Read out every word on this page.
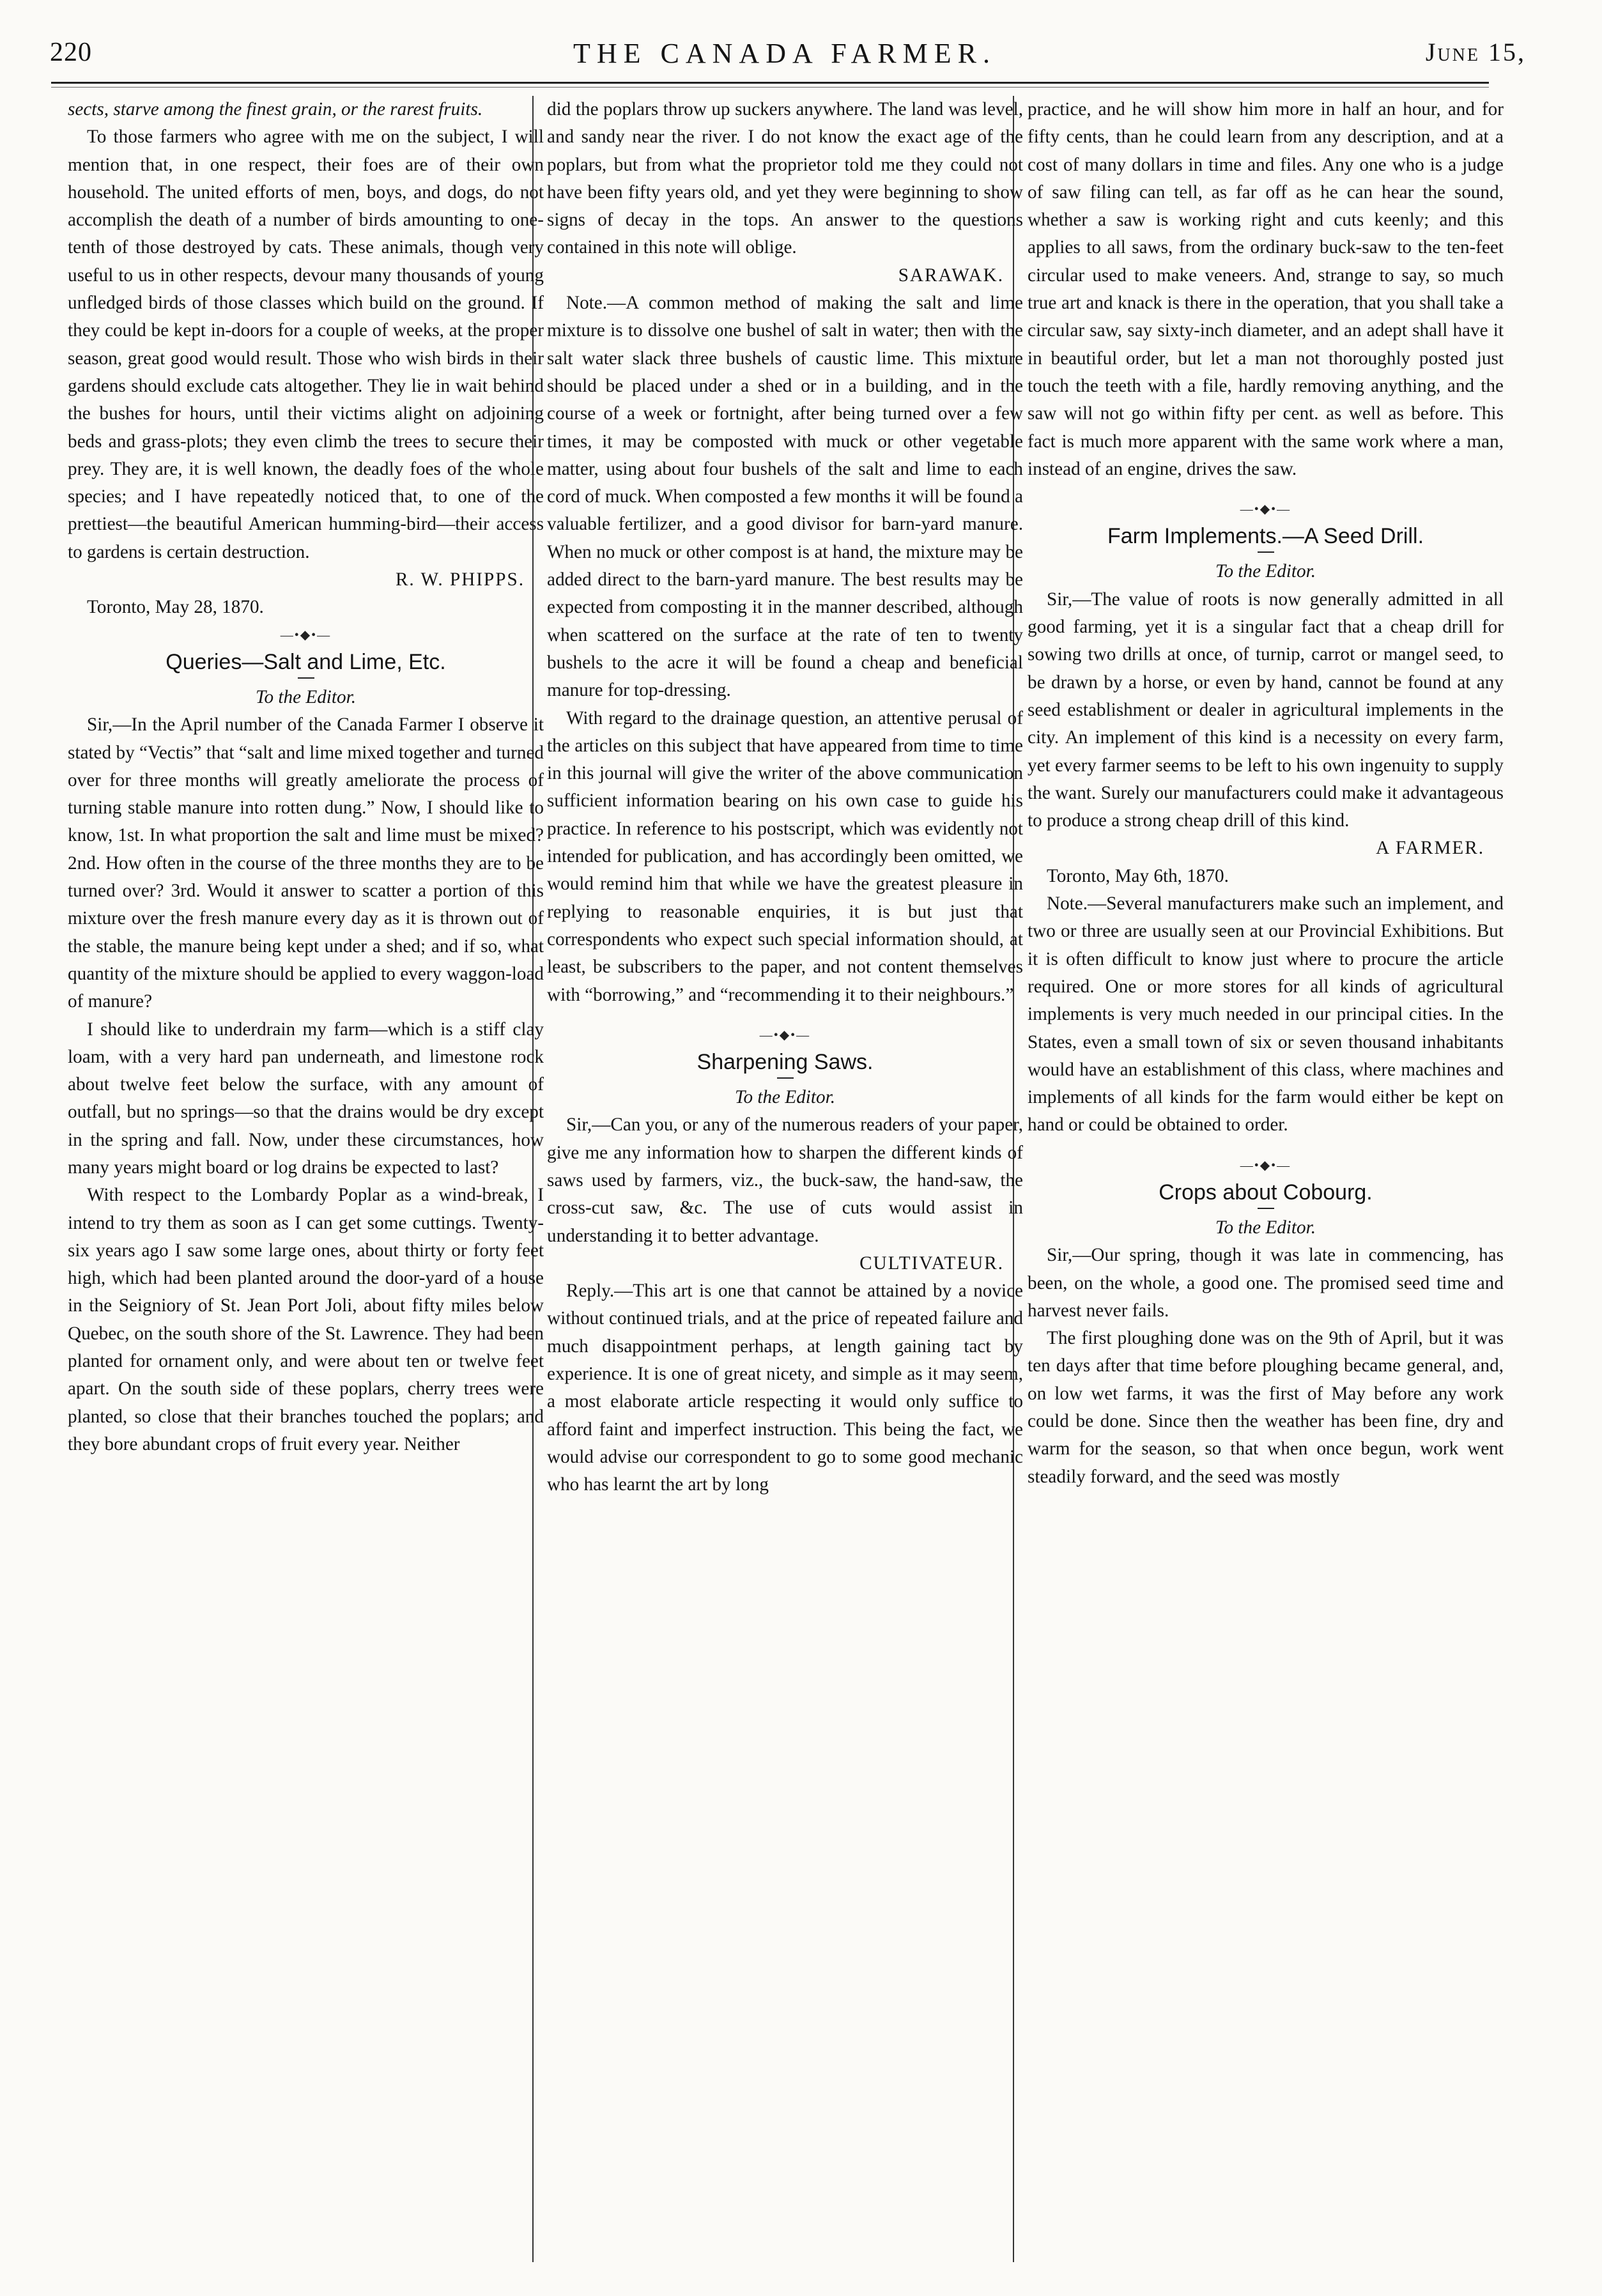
220	THE CANADA FARMER.	June 15,

sects, starve among the finest grain, or the rarest fruits.

To those farmers who agree with me on the subject, I will mention that, in one respect, their foes are of their own household. The united efforts of men, boys, and dogs, do not accomplish the death of a number of birds amounting to one-tenth of those destroyed by cats. These animals, though very useful to us in other respects, devour many thousands of young unfledged birds of those classes which build on the ground. If they could be kept in-doors for a couple of weeks, at the proper season, great good would result. Those who wish birds in their gardens should exclude cats altogether. They lie in wait behind the bushes for hours, until their victims alight on adjoining beds and grass-plots; they even climb the trees to secure their prey. They are, it is well known, the deadly foes of the whole species; and I have repeatedly noticed that, to one of the prettiest—the beautiful American humming-bird—their access to gardens is certain destruction.

R. W. PHIPPS.

Toronto, May 28, 1870.

—•◆•—
Queries—Salt and Lime, Etc.

To the Editor.

Sir,—In the April number of the Canada Farmer I observe it stated by “Vectis” that “salt and lime mixed together and turned over for three months will greatly ameliorate the process of turning stable manure into rotten dung.” Now, I should like to know, 1st. In what proportion the salt and lime must be mixed? 2nd. How often in the course of the three months they are to be turned over? 3rd. Would it answer to scatter a portion of this mixture over the fresh manure every day as it is thrown out of the stable, the manure being kept under a shed; and if so, what quantity of the mixture should be applied to every waggon-load of manure?

I should like to underdrain my farm—which is a stiff clay loam, with a very hard pan underneath, and limestone rock about twelve feet below the surface, with any amount of outfall, but no springs—so that the drains would be dry except in the spring and fall. Now, under these circumstances, how many years might board or log drains be expected to last?

With respect to the Lombardy Poplar as a wind-break, I intend to try them as soon as I can get some cuttings. Twenty-six years ago I saw some large ones, about thirty or forty feet high, which had been planted around the door-yard of a house in the Seigniory of St. Jean Port Joli, about fifty miles below Quebec, on the south shore of the St. Lawrence. They had been planted for ornament only, and were about ten or twelve feet apart. On the south side of these poplars, cherry trees were planted, so close that their branches touched the poplars; and they bore abundant crops of fruit every year. Neither

did the poplars throw up suckers anywhere. The land was level, and sandy near the river. I do not know the exact age of the poplars, but from what the proprietor told me they could not have been fifty years old, and yet they were beginning to show signs of decay in the tops. An answer to the questions contained in this note will oblige.

SARAWAK.

Note.—A common method of making the salt and lime mixture is to dissolve one bushel of salt in water; then with the salt water slack three bushels of caustic lime. This mixture should be placed under a shed or in a building, and in the course of a week or fortnight, after being turned over a few times, it may be composted with muck or other vegetable matter, using about four bushels of the salt and lime to each cord of muck. When composted a few months it will be found a valuable fertilizer, and a good divisor for barn-yard manure. When no muck or other compost is at hand, the mixture may be added direct to the barn-yard manure. The best results may be expected from composting it in the manner described, although when scattered on the surface at the rate of ten to twenty bushels to the acre it will be found a cheap and beneficial manure for top-dressing.

With regard to the drainage question, an attentive perusal of the articles on this subject that have appeared from time to time in this journal will give the writer of the above communication sufficient information bearing on his own case to guide his practice. In reference to his postscript, which was evidently not intended for publication, and has accordingly been omitted, we would remind him that while we have the greatest pleasure in replying to reasonable enquiries, it is but just that correspondents who expect such special information should, at least, be subscribers to the paper, and not content themselves with “borrowing,” and “recommending it to their neighbours.”

—•◆•—
Sharpening Saws.

To the Editor.

Sir,—Can you, or any of the numerous readers of your paper, give me any information how to sharpen the different kinds of saws used by farmers, viz., the buck-saw, the hand-saw, the cross-cut saw, &c. The use of cuts would assist in understanding it to better advantage.

CULTIVATEUR.

Reply.—This art is one that cannot be attained by a novice without continued trials, and at the price of repeated failure and much disappointment perhaps, at length gaining tact by experience. It is one of great nicety, and simple as it may seem, a most elaborate article respecting it would only suffice to afford faint and imperfect instruction. This being the fact, we would advise our correspondent to go to some good mechanic who has learnt the art by long

practice, and he will show him more in half an hour, and for fifty cents, than he could learn from any description, and at a cost of many dollars in time and files. Any one who is a judge of saw filing can tell, as far off as he can hear the sound, whether a saw is working right and cuts keenly; and this applies to all saws, from the ordinary buck-saw to the ten-feet circular used to make veneers. And, strange to say, so much true art and knack is there in the operation, that you shall take a circular saw, say sixty-inch diameter, and an adept shall have it in beautiful order, but let a man not thoroughly posted just touch the teeth with a file, hardly removing anything, and the saw will not go within fifty per cent. as well as before. This fact is much more apparent with the same work where a man, instead of an engine, drives the saw.

—•◆•—
Farm Implements.—A Seed Drill.

To the Editor.

Sir,—The value of roots is now generally admitted in all good farming, yet it is a singular fact that a cheap drill for sowing two drills at once, of turnip, carrot or mangel seed, to be drawn by a horse, or even by hand, cannot be found at any seed establishment or dealer in agricultural implements in the city. An implement of this kind is a necessity on every farm, yet every farmer seems to be left to his own ingenuity to supply the want. Surely our manufacturers could make it advantageous to produce a strong cheap drill of this kind.

A FARMER.

Toronto, May 6th, 1870.

Note.—Several manufacturers make such an implement, and two or three are usually seen at our Provincial Exhibitions. But it is often difficult to know just where to procure the article required. One or more stores for all kinds of agricultural implements is very much needed in our principal cities. In the States, even a small town of six or seven thousand inhabitants would have an establishment of this class, where machines and implements of all kinds for the farm would either be kept on hand or could be obtained to order.

—•◆•—
Crops about Cobourg.

To the Editor.

Sir,—Our spring, though it was late in commencing, has been, on the whole, a good one. The promised seed time and harvest never fails.

The first ploughing done was on the 9th of April, but it was ten days after that time before ploughing became general, and, on low wet farms, it was the first of May before any work could be done. Since then the weather has been fine, dry and warm for the season, so that when once begun, work went steadily forward, and the seed was mostly
